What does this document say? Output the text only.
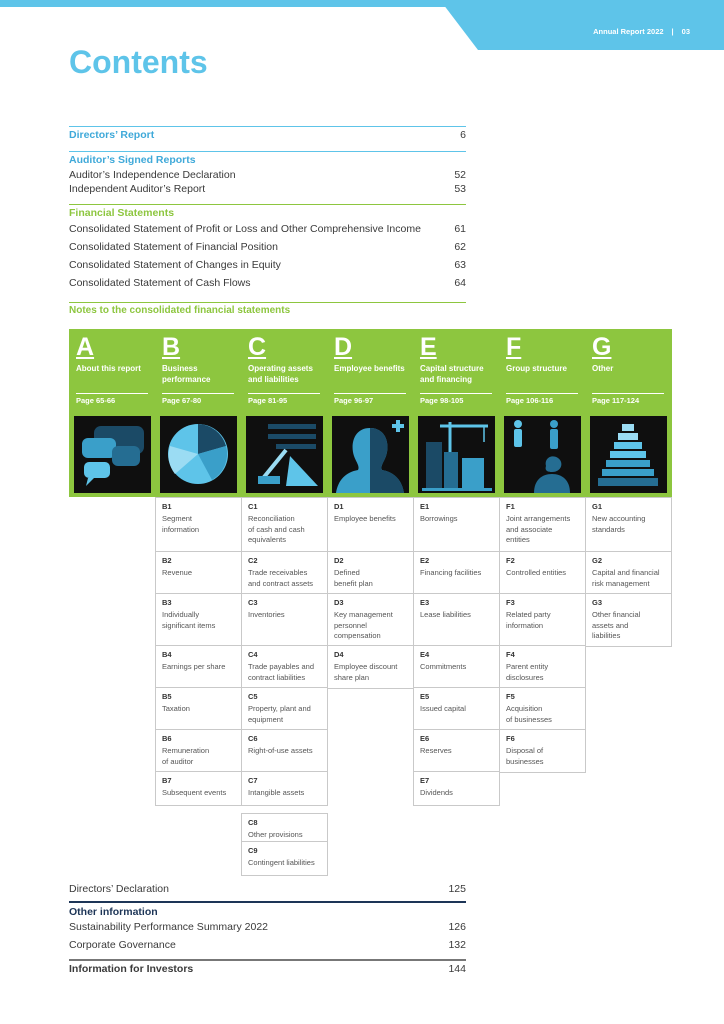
Annual Report 2022 | 03
Contents
Directors’ Report	6
Auditor’s Signed Reports
Auditor’s Independence Declaration	52
Independent Auditor’s Report	53
Financial Statements
Consolidated Statement of Profit or Loss and Other Comprehensive Income	61
Consolidated Statement of Financial Position	62
Consolidated Statement of Changes in Equity	63
Consolidated Statement of Cash Flows	64
Notes to the consolidated financial statements
A
About this report
Page 65-66
B
Business performance
Page 67-80
C
Operating assets and liabilities
Page 81-95
D
Employee benefits
Page 96-97
E
Capital structure and financing
Page 98-105
F
Group structure
Page 106-116
G
Other
Page 117-124
B1
Segment
information
B2
Revenue
B3
Individually
significant items
B4
Earnings per share
B5
Taxation
B6
Remuneration
of auditor
B7
Subsequent events
C1
Reconciliation
of cash and cash
equivalents
C2
Trade receivables
and contract assets
C3
Inventories
C4
Trade payables and
contract liabilities
C5
Property, plant and
equipment
C6
Right-of-use assets
C7
Intangible assets
C8
Other provisions
C9
Contingent liabilities
D1
Employee benefits
D2
Defined
benefit plan
D3
Key management
personnel
compensation
D4
Employee discount
share plan
E1
Borrowings
E2
Financing facilities
E3
Lease liabilities
E4
Commitments
E5
Issued capital
E6
Reserves
E7
Dividends
F1
Joint arrangements
and associate
entities
F2
Controlled entities
F3
Related party
information
F4
Parent entity
disclosures
F5
Acquisition
of businesses
F6
Disposal of
businesses
G1
New accounting
standards
G2
Capital and financial
risk management
G3
Other financial
assets and
liabilities
Directors’ Declaration	125
Other information
Sustainability Performance Summary 2022	126
Corporate Governance	132
Information for Investors	144
